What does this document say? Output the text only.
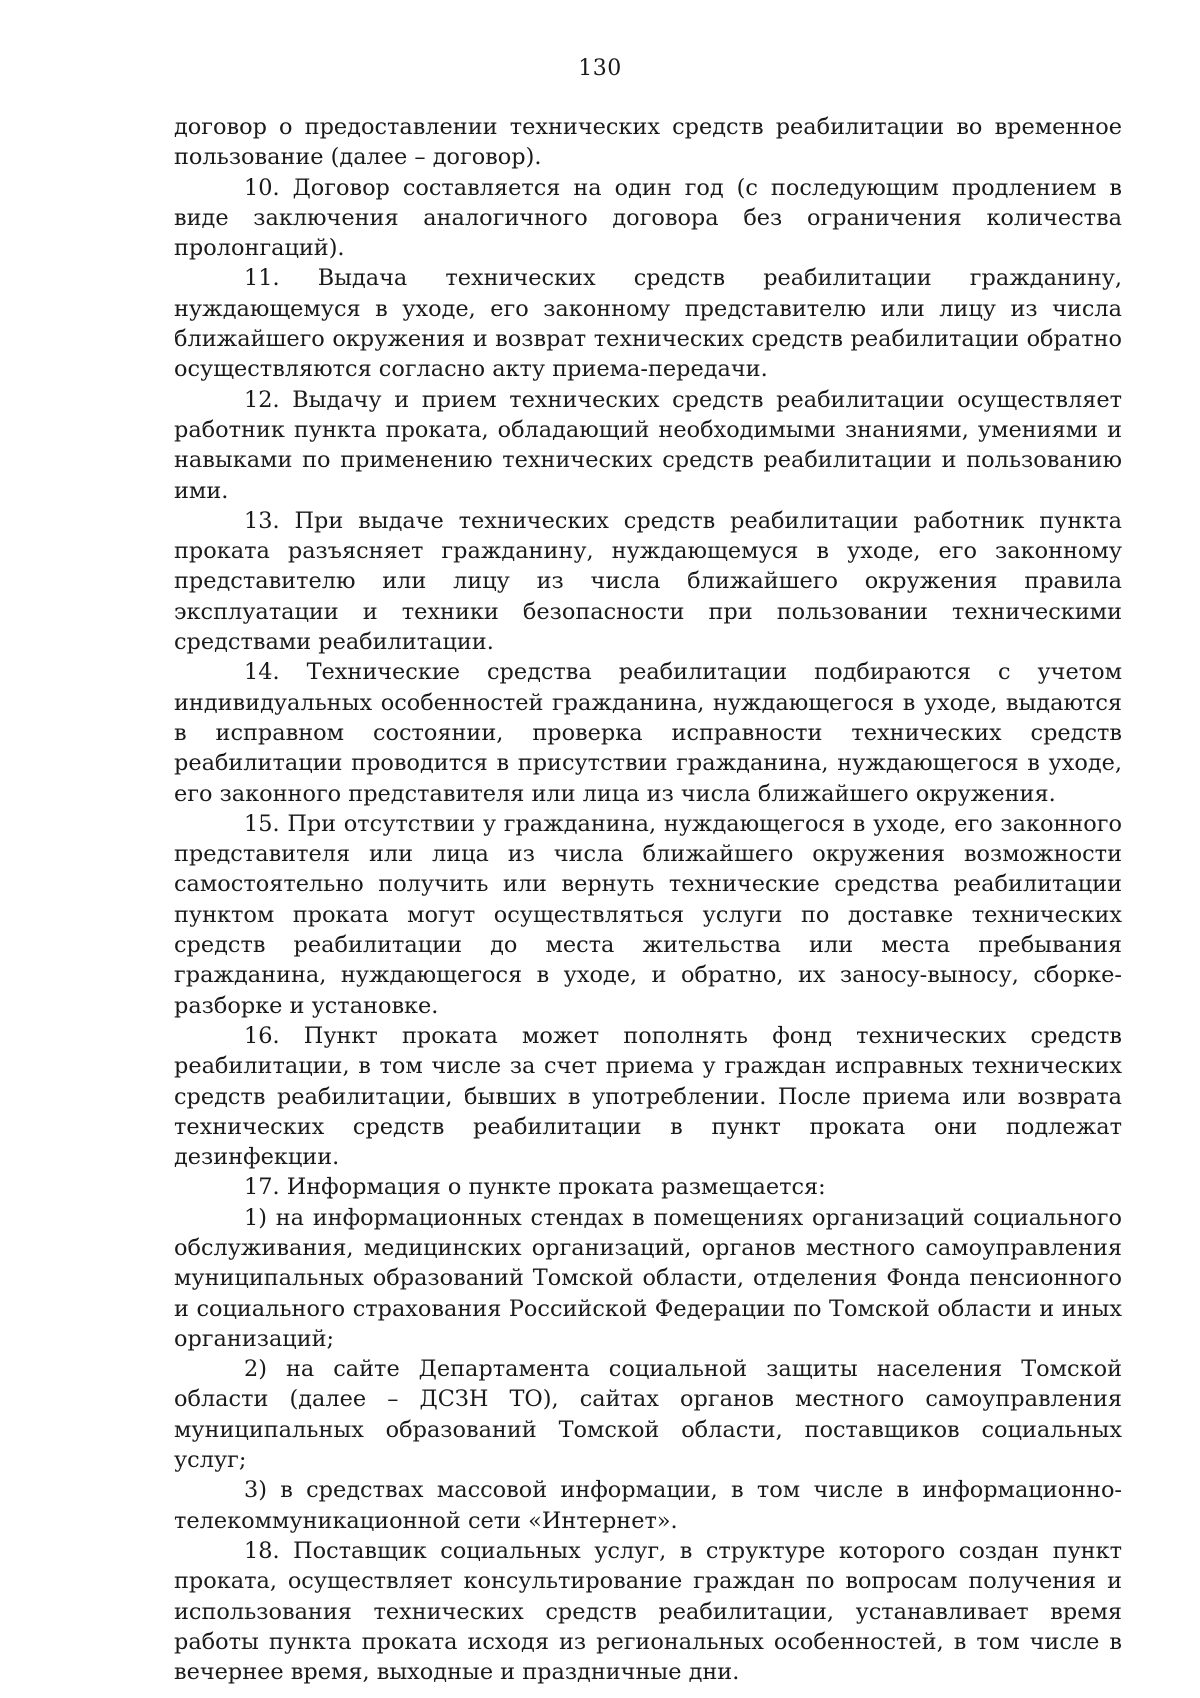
130

договор о предоставлении технических средств реабилитации во временное пользование (далее – договор).

10. Договор составляется на один год (с последующим продлением в виде заключения аналогичного договора без ограничения количества пролонгаций).

11. Выдача технических средств реабилитации гражданину, нуждающемуся в уходе, его законному представителю или лицу из числа ближайшего окружения и возврат технических средств реабилитации обратно осуществляются согласно акту приема-передачи.

12. Выдачу и прием технических средств реабилитации осуществляет работник пункта проката, обладающий необходимыми знаниями, умениями и навыками по применению технических средств реабилитации и пользованию ими.

13. При выдаче технических средств реабилитации работник пункта проката разъясняет гражданину, нуждающемуся в уходе, его законному представителю или лицу из числа ближайшего окружения правила эксплуатации и техники безопасности при пользовании техническими средствами реабилитации.

14. Технические средства реабилитации подбираются с учетом индивидуальных особенностей гражданина, нуждающегося в уходе, выдаются в исправном состоянии, проверка исправности технических средств реабилитации проводится в присутствии гражданина, нуждающегося в уходе, его законного представителя или лица из числа ближайшего окружения.

15. При отсутствии у гражданина, нуждающегося в уходе, его законного представителя или лица из числа ближайшего окружения возможности самостоятельно получить или вернуть технические средства реабилитации пунктом проката могут осуществляться услуги по доставке технических средств реабилитации до места жительства или места пребывания гражданина, нуждающегося в уходе, и обратно, их заносу-выносу, сборке-разборке и установке.

16. Пункт проката может пополнять фонд технических средств реабилитации, в том числе за счет приема у граждан исправных технических средств реабилитации, бывших в употреблении. После приема или возврата технических средств реабилитации в пункт проката они подлежат дезинфекции.

17. Информация о пункте проката размещается:

1) на информационных стендах в помещениях организаций социального обслуживания, медицинских организаций, органов местного самоуправления муниципальных образований Томской области, отделения Фонда пенсионного и социального страхования Российской Федерации по Томской области и иных организаций;

2) на сайте Департамента социальной защиты населения Томской области (далее – ДСЗН ТО), сайтах органов местного самоуправления муниципальных образований Томской области, поставщиков социальных услуг;

3) в средствах массовой информации, в том числе в информационно-телекоммуникационной сети «Интернет».

18. Поставщик социальных услуг, в структуре которого создан пункт проката, осуществляет консультирование граждан по вопросам получения и использования технических средств реабилитации, устанавливает время работы пункта проката исходя из региональных особенностей, в том числе в вечернее время, выходные и праздничные дни.
